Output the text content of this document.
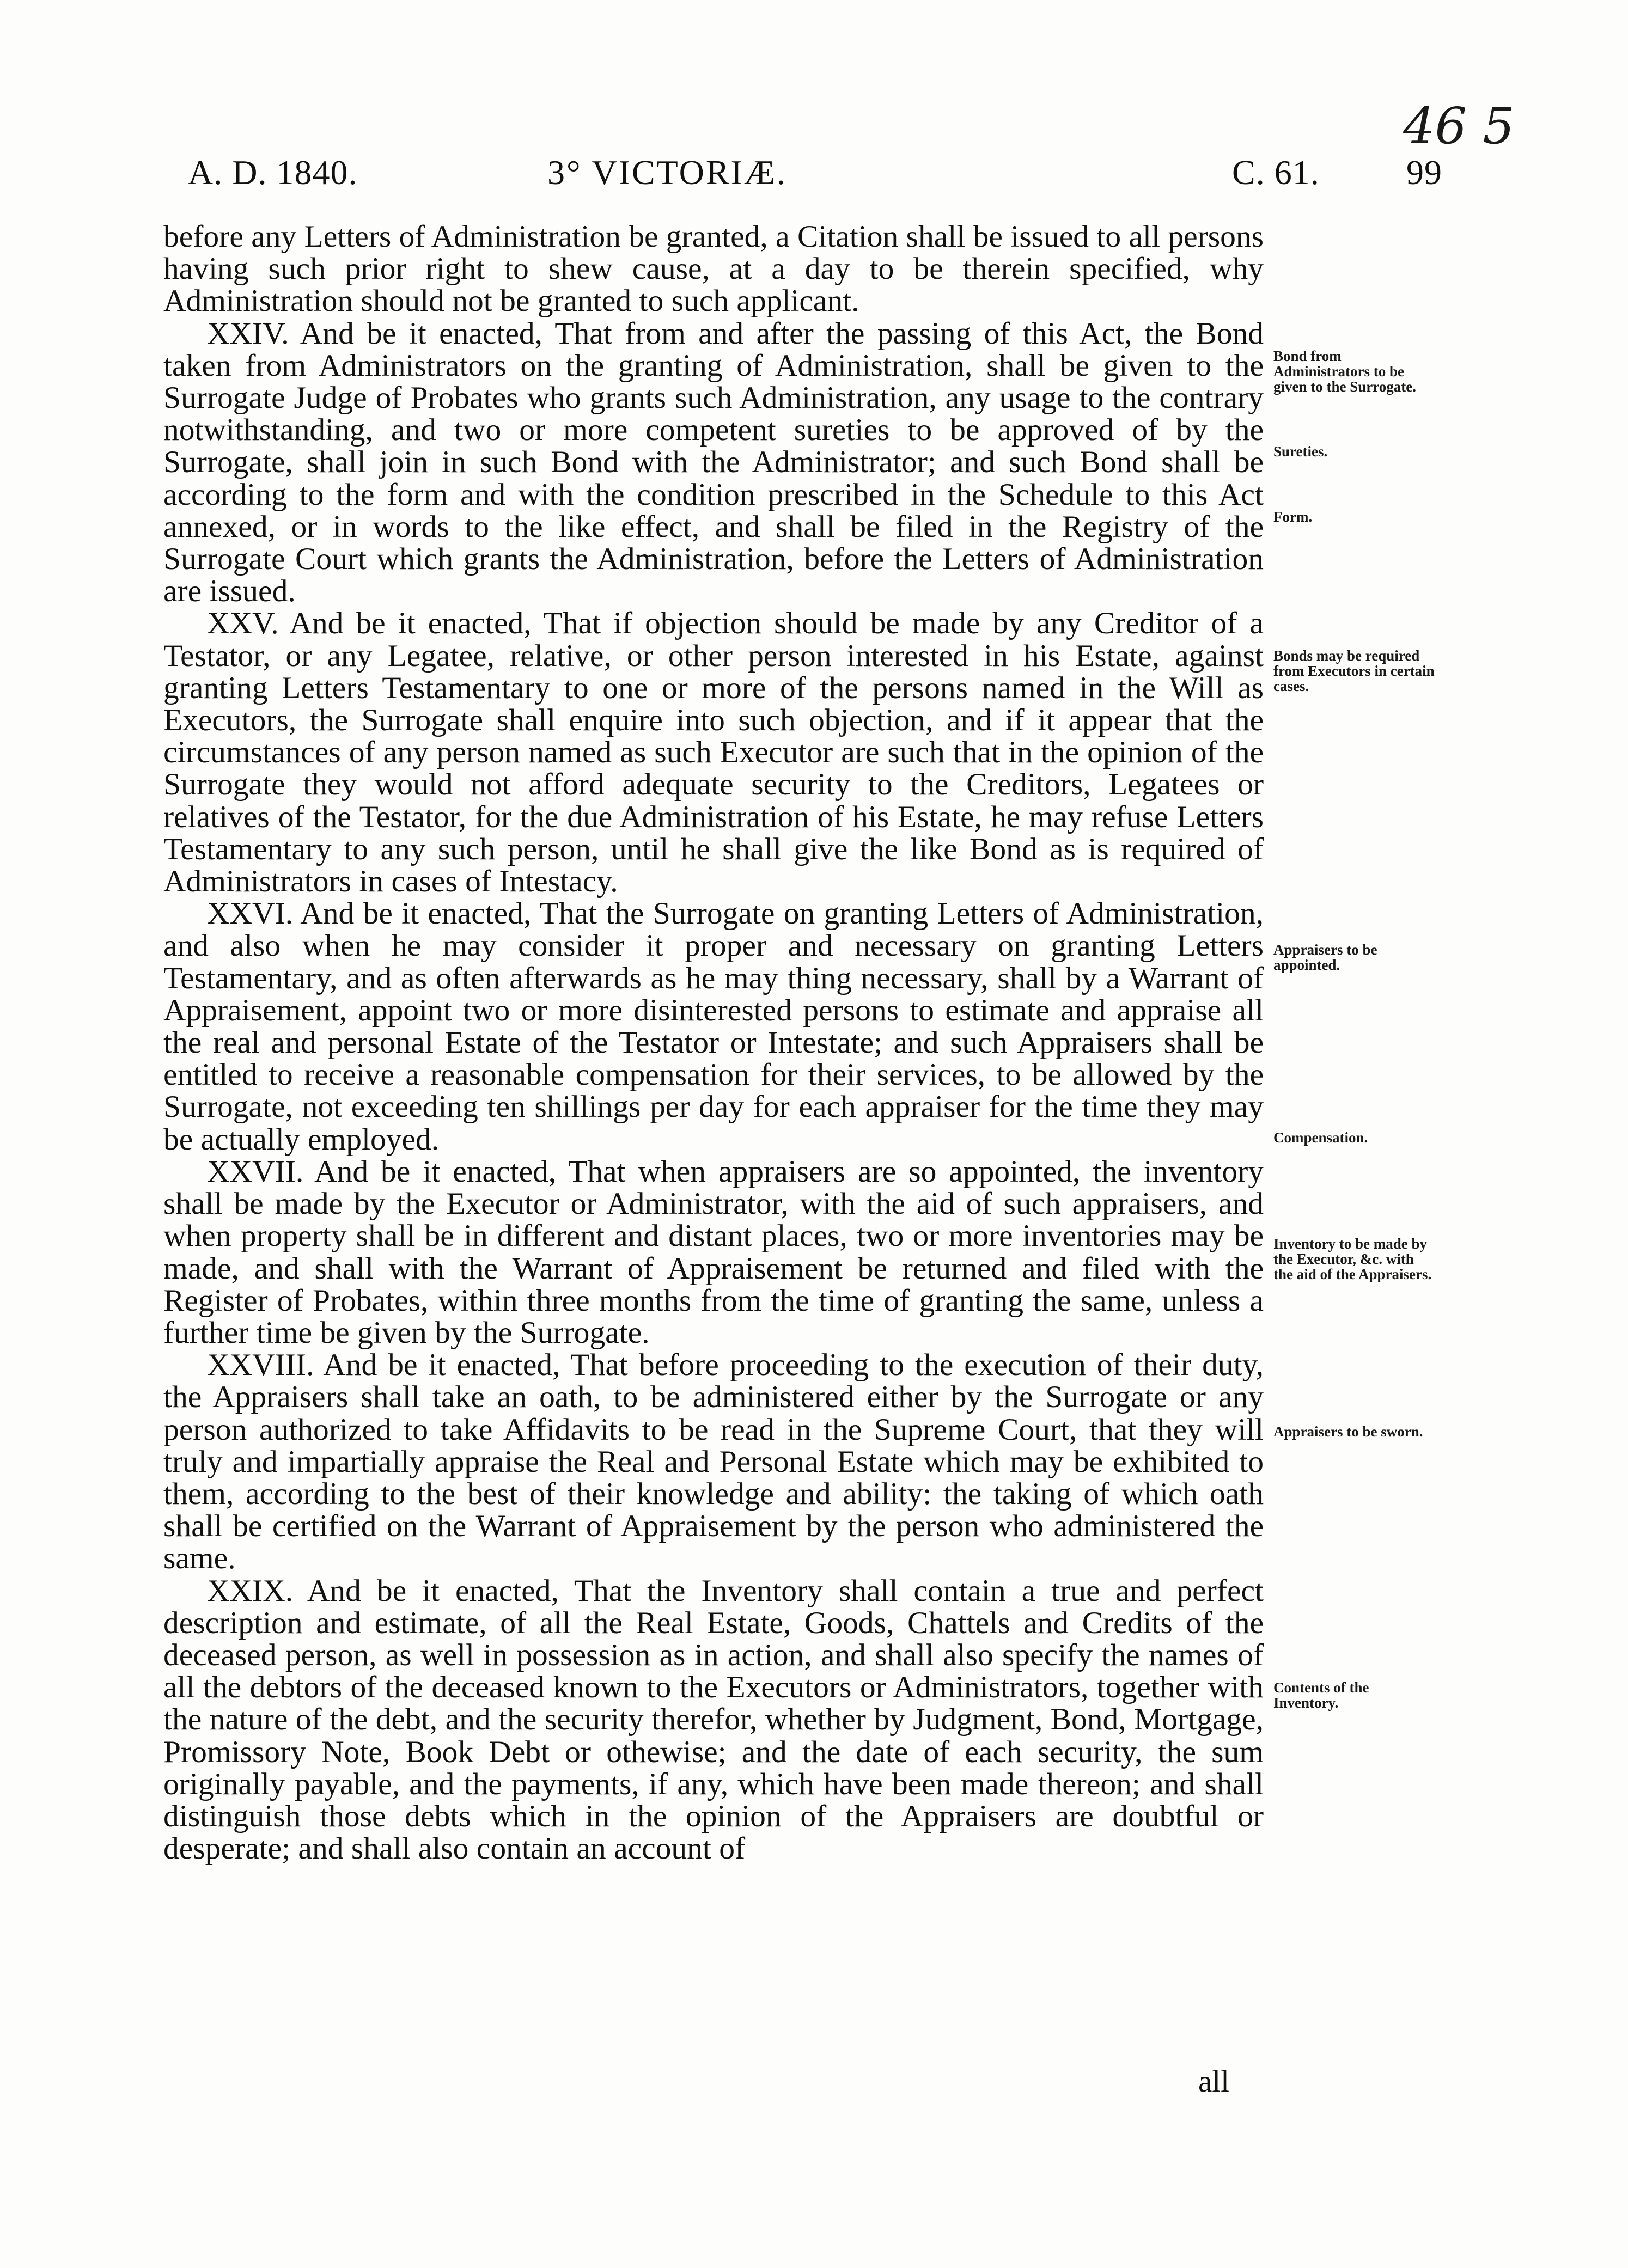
46 5
A. D. 1840.	3° VICTORIÆ.	C. 61. 99

before any Letters of Administration be granted, a Citation shall be issued to all persons having such prior right to shew cause, at a day to be therein specified, why Administration should not be granted to such applicant.

XXIV. And be it enacted, That from and after the passing of this Act, the Bond taken from Administrators on the granting of Administration, shall be given to the Surrogate Judge of Probates who grants such Administration, any usage to the contrary notwithstanding, and two or more competent sureties to be approved of by the Surrogate, shall join in such Bond with the Administrator; and such Bond shall be according to the form and with the condition prescribed in the Schedule to this Act annexed, or in words to the like effect, and shall be filed in the Registry of the Surrogate Court which grants the Administration, before the Letters of Administration are issued.

XXV. And be it enacted, That if objection should be made by any Creditor of a Testator, or any Legatee, relative, or other person interested in his Estate, against granting Letters Testamentary to one or more of the persons named in the Will as Executors, the Surrogate shall enquire into such objection, and if it appear that the circumstances of any person named as such Executor are such that in the opinion of the Surrogate they would not afford adequate security to the Creditors, Legatees or relatives of the Testator, for the due Administration of his Estate, he may refuse Letters Testamentary to any such person, until he shall give the like Bond as is required of Administrators in cases of Intestacy.

XXVI. And be it enacted, That the Surrogate on granting Letters of Administration, and also when he may consider it proper and necessary on granting Letters Testamentary, and as often afterwards as he may thing necessary, shall by a Warrant of Appraisement, appoint two or more disinterested persons to estimate and appraise all the real and personal Estate of the Testator or Intestate; and such Appraisers shall be entitled to receive a reasonable compensation for their services, to be allowed by the Surrogate, not exceeding ten shillings per day for each appraiser for the time they may be actually employed.

XXVII. And be it enacted, That when appraisers are so appointed, the inventory shall be made by the Executor or Administrator, with the aid of such appraisers, and when property shall be in different and distant places, two or more inventories may be made, and shall with the Warrant of Appraisement be returned and filed with the Register of Probates, within three months from the time of granting the same, unless a further time be given by the Surrogate.

XXVIII. And be it enacted, That before proceeding to the execution of their duty, the Appraisers shall take an oath, to be administered either by the Surrogate or any person authorized to take Affidavits to be read in the Supreme Court, that they will truly and impartially appraise the Real and Personal Estate which may be exhibited to them, according to the best of their knowledge and ability: the taking of which oath shall be certified on the Warrant of Appraisement by the person who administered the same.

XXIX. And be it enacted, That the Inventory shall contain a true and perfect description and estimate, of all the Real Estate, Goods, Chattels and Credits of the deceased person, as well in possession as in action, and shall also specify the names of all the debtors of the deceased known to the Executors or Administrators, together with the nature of the debt, and the security therefor, whether by Judgment, Bond, Mortgage, Promissory Note, Book Debt or othewise; and the date of each security, the sum originally payable, and the payments, if any, which have been made thereon; and shall distinguish those debts which in the opinion of the Appraisers are doubtful or desperate; and shall also contain an account of

Bond from Administrators to be given to the Surrogate.
Sureties.
Form.
Bonds may be required from Executors in certain cases.
Appraisers to be appointed.
Compensation.
Inventory to be made by the Executor, &c. with the aid of the Appraisers.
Appraisers to be sworn.
Contents of the Inventory.
all
